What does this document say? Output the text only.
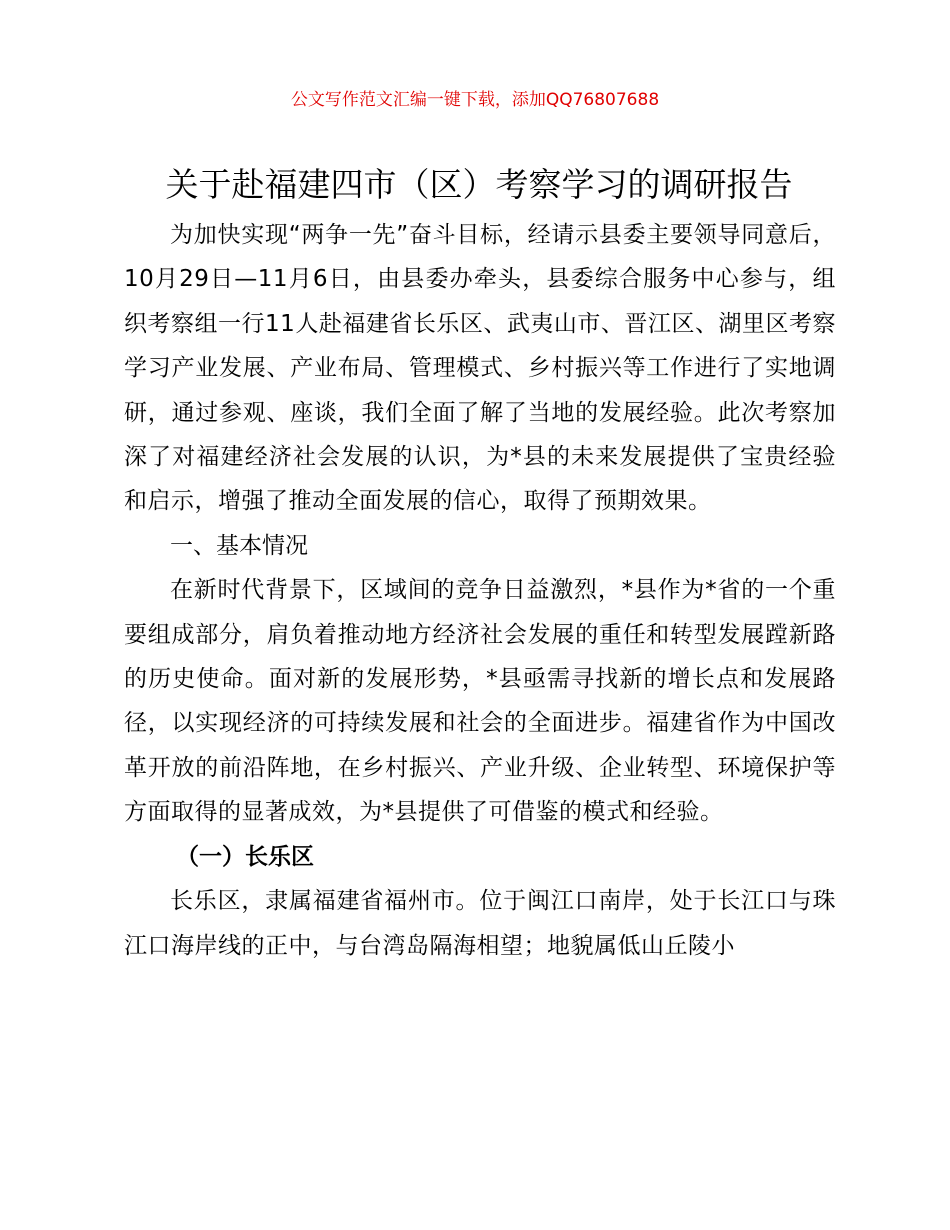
公文写作范文汇编一键下载，添加QQ76807688
关于赴福建四市（区）考察学习的调研报告

为加快实现“两争一先”奋斗目标，经请示县委主要领导同意后，10月29日—11月6日，由县委办牵头，县委综合服务中心参与，组织考察组一行11人赴福建省长乐区、武夷山市、晋江区、湖里区考察学习产业发展、产业布局、管理模式、乡村振兴等工作进行了实地调研，通过参观、座谈，我们全面了解了当地的发展经验。此次考察加深了对福建经济社会发展的认识，为*县的未来发展提供了宝贵经验和启示，增强了推动全面发展的信心，取得了预期效果。

一、基本情况

在新时代背景下，区域间的竞争日益激烈，*县作为*省的一个重要组成部分，肩负着推动地方经济社会发展的重任和转型发展蹚新路的历史使命。面对新的发展形势，*县亟需寻找新的增长点和发展路径，以实现经济的可持续发展和社会的全面进步。福建省作为中国改革开放的前沿阵地，在乡村振兴、产业升级、企业转型、环境保护等方面取得的显著成效，为*县提供了可借鉴的模式和经验。

（一）长乐区

长乐区，隶属福建省福州市。位于闽江口南岸，处于长江口与珠江口海岸线的正中，与台湾岛隔海相望；地貌属低山丘陵小
